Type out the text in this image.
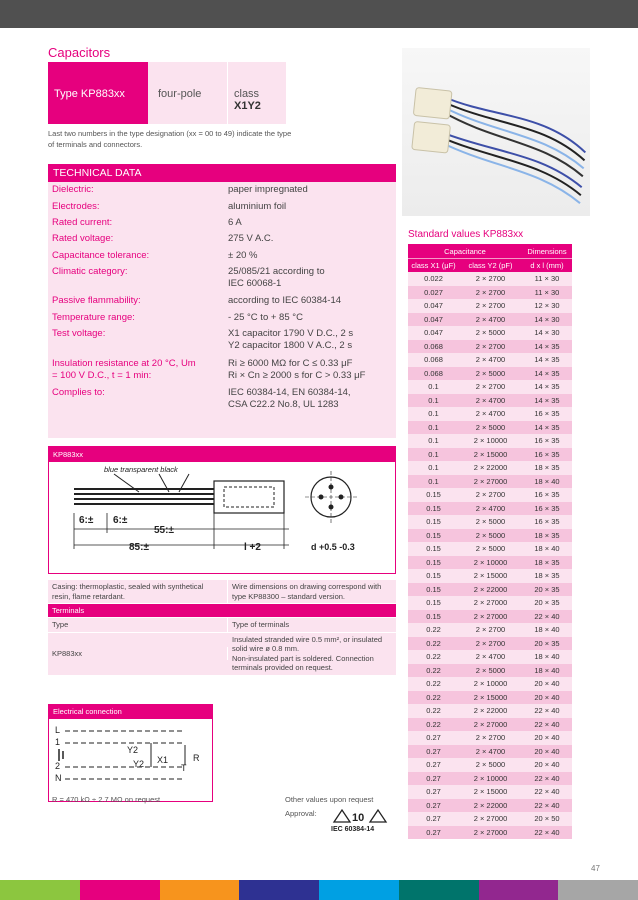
Capacitors
Type KP883xx	four-pole	class X1Y2
Last two numbers in the type designation (xx = 00 to 49) indicate the type of terminals and connectors.
TECHNICAL DATA
Dielectric:	paper impregnated
Electrodes:	aluminium foil
Rated current:	6 A
Rated voltage:	275 V A.C.
Capacitance tolerance:	± 20 %
Climatic category:	25/085/21 according to
IEC 60068-1
Passive flammability:	according to IEC 60384-14
Temperature range:	- 25 °C to + 85 °C
Test voltage:	X1 capacitor 1790 V D.C., 2 s
Y2 capacitor 1800 V A.C., 2 s
Insulation resistance at 20 °C, Um
= 100 V D.C., t = 1 min:
Ri ≥ 6000 MΩ for C ≤ 0.33 μF
Ri × Cn ≥ 2000 s for C > 0.33 μF
Complies to:	IEC 60384-14, EN 60384-14,
CSA C22.2 No.8, UL 1283
KP883xx
blue transparent black
6:± 6:±
55:±
85:±	l +2	d +0.5 -0.3
Casing: thermoplastic, sealed with synthetical resin, flame retardant.
Wire dimensions on drawing correspond with type KP88300 – standard version.
Terminals
Type	Type of terminals
KP883xx
Insulated stranded wire 0.5 mm², or insulated solid wire ø 0.8 mm.
Non-insulated part is soldered. Connection terminals provided on request.
Electrical connection
L
1
2
N
Y2
Y2 X1	R
T
R = 470 kΩ ÷ 2.7 MΩ on request	Other values upon request
Approval:	10
IEC 60384-14
Standard values KP883xx
Capacitance	Dimensions
class X1 (μF)	class Y2 (pF)	d x l (mm)
0.022	2 × 2700	11 × 30
0.027	2 × 2700	11 × 30
0.047	2 × 2700	12 × 30
0.047	2 × 4700	14 × 30
0.047	2 × 5000	14 × 30
0.068	2 × 2700	14 × 35
0.068	2 × 4700	14 × 35
0.068	2 × 5000	14 × 35
0.1	2 × 2700	14 × 35
0.1	2 × 4700	14 × 35
0.1	2 × 4700	16 × 35
0.1	2 × 5000	14 × 35
0.1	2 × 10000	16 × 35
0.1	2 × 15000	16 × 35
0.1	2 × 22000	18 × 35
0.1	2 × 27000	18 × 40
0.15	2 × 2700	16 × 35
0.15	2 × 4700	16 × 35
0.15	2 × 5000	16 × 35
0.15	2 × 5000	18 × 35
0.15	2 × 5000	18 × 40
0.15	2 × 10000	18 × 35
0.15	2 × 15000	18 × 35
0.15	2 × 22000	20 × 35
0.15	2 × 27000	20 × 35
0.15	2 × 27000	22 × 40
0.22	2 × 2700	18 × 40
0.22	2 × 2700	20 × 35
0.22	2 × 4700	18 × 40
0.22	2 × 5000	18 × 40
0.22	2 × 10000	20 × 40
0.22	2 × 15000	20 × 40
0.22	2 × 22000	22 × 40
0.22	2 × 27000	22 × 40
0.27	2 × 2700	20 × 40
0.27	2 × 4700	20 × 40
0.27	2 × 5000	20 × 40
0.27	2 × 10000	22 × 40
0.27	2 × 15000	22 × 40
0.27	2 × 22000	22 × 40
0.27	2 × 27000	20 × 50
0.27	2 × 27000	22 × 40
47
